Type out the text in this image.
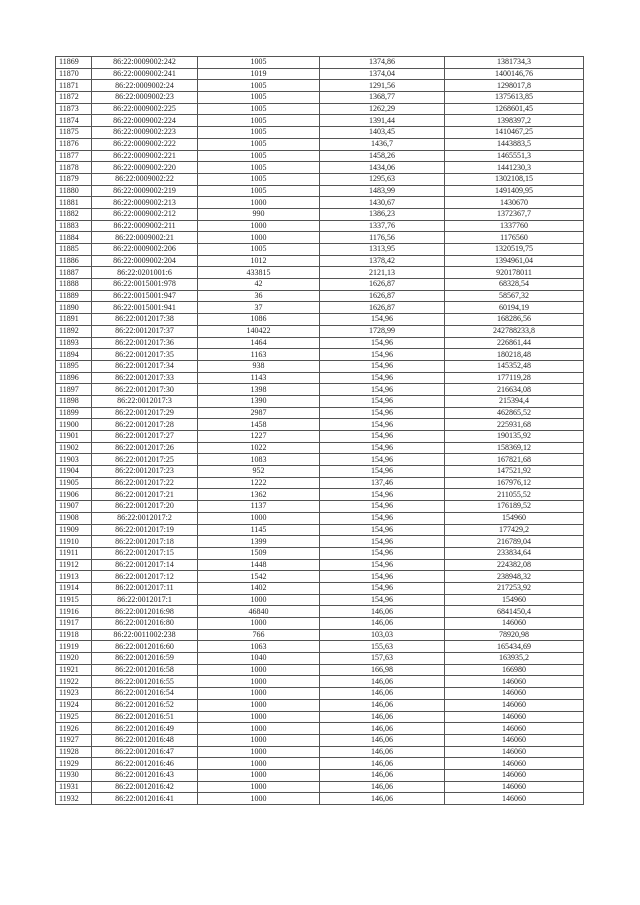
11869	86:22:0009002:242	1005	1374,86	1381734,3
11870	86:22:0009002:241	1019	1374,04	1400146,76
11871	86:22:0009002:24	1005	1291,56	1298017,8
11872	86:22:0009002:23	1005	1368,77	1375613,85
11873	86:22:0009002:225	1005	1262,29	1268601,45
11874	86:22:0009002:224	1005	1391,44	1398397,2
11875	86:22:0009002:223	1005	1403,45	1410467,25
11876	86:22:0009002:222	1005	1436,7	1443883,5
11877	86:22:0009002:221	1005	1458,26	1465551,3
11878	86:22:0009002:220	1005	1434,06	1441230,3
11879	86:22:0009002:22	1005	1295,63	1302108,15
11880	86:22:0009002:219	1005	1483,99	1491409,95
11881	86:22:0009002:213	1000	1430,67	1430670
11882	86:22:0009002:212	990	1386,23	1372367,7
11883	86:22:0009002:211	1000	1337,76	1337760
11884	86:22:0009002:21	1000	1176,56	1176560
11885	86:22:0009002:206	1005	1313,95	1320519,75
11886	86:22:0009002:204	1012	1378,42	1394961,04
11887	86:22:0201001:6	433815	2121,13	920178011
11888	86:22:0015001:978	42	1626,87	68328,54
11889	86:22:0015001:947	36	1626,87	58567,32
11890	86:22:0015001:941	37	1626,87	60194,19
11891	86:22:0012017:38	1086	154,96	168286,56
11892	86:22:0012017:37	140422	1728,99	242788233,8
11893	86:22:0012017:36	1464	154,96	226861,44
11894	86:22:0012017:35	1163	154,96	180218,48
11895	86:22:0012017:34	938	154,96	145352,48
11896	86:22:0012017:33	1143	154,96	177119,28
11897	86:22:0012017:30	1398	154,96	216634,08
11898	86:22:0012017:3	1390	154,96	215394,4
11899	86:22:0012017:29	2987	154,96	462865,52
11900	86:22:0012017:28	1458	154,96	225931,68
11901	86:22:0012017:27	1227	154,96	190135,92
11902	86:22:0012017:26	1022	154,96	158369,12
11903	86:22:0012017:25	1083	154,96	167821,68
11904	86:22:0012017:23	952	154,96	147521,92
11905	86:22:0012017:22	1222	137,46	167976,12
11906	86:22:0012017:21	1362	154,96	211055,52
11907	86:22:0012017:20	1137	154,96	176189,52
11908	86:22:0012017:2	1000	154,96	154960
11909	86:22:0012017:19	1145	154,96	177429,2
11910	86:22:0012017:18	1399	154,96	216789,04
11911	86:22:0012017:15	1509	154,96	233834,64
11912	86:22:0012017:14	1448	154,96	224382,08
11913	86:22:0012017:12	1542	154,96	238948,32
11914	86:22:0012017:11	1402	154,96	217253,92
11915	86:22:0012017:1	1000	154,96	154960
11916	86:22:0012016:98	46840	146,06	6841450,4
11917	86:22:0012016:80	1000	146,06	146060
11918	86:22:0011002:238	766	103,03	78920,98
11919	86:22:0012016:60	1063	155,63	165434,69
11920	86:22:0012016:59	1040	157,63	163935,2
11921	86:22:0012016:58	1000	166,98	166980
11922	86:22:0012016:55	1000	146,06	146060
11923	86:22:0012016:54	1000	146,06	146060
11924	86:22:0012016:52	1000	146,06	146060
11925	86:22:0012016:51	1000	146,06	146060
11926	86:22:0012016:49	1000	146,06	146060
11927	86:22:0012016:48	1000	146,06	146060
11928	86:22:0012016:47	1000	146,06	146060
11929	86:22:0012016:46	1000	146,06	146060
11930	86:22:0012016:43	1000	146,06	146060
11931	86:22:0012016:42	1000	146,06	146060
11932	86:22:0012016:41	1000	146,06	146060
